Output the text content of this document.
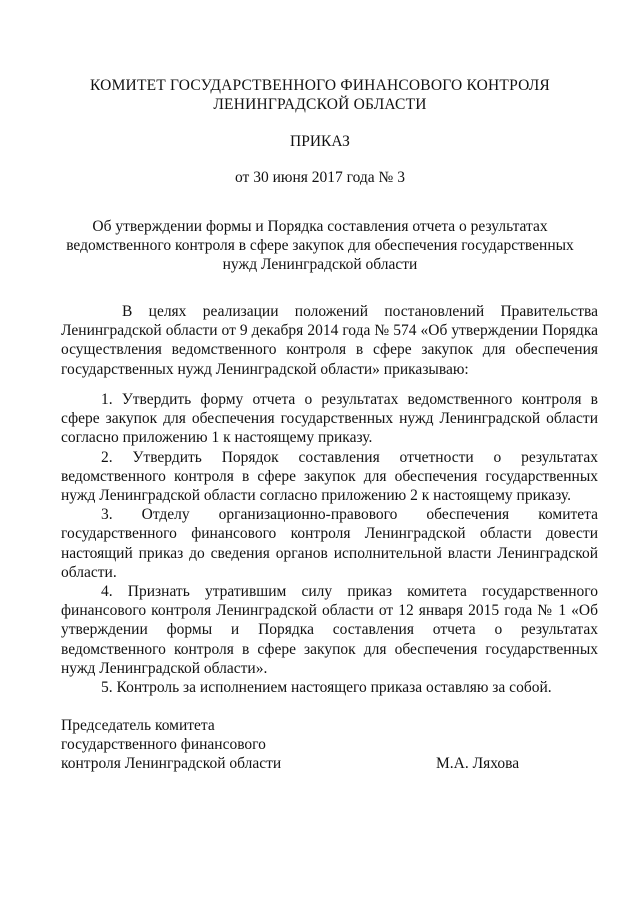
КОМИТЕТ ГОСУДАРСТВЕННОГО ФИНАНСОВОГО КОНТРОЛЯ
ЛЕНИНГРАДСКОЙ ОБЛАСТИ
ПРИКАЗ
от 30 июня 2017 года № 3
Об утверждении формы и Порядка составления отчета о результатах
ведомственного контроля в сфере закупок для обеспечения государственных
нужд Ленинградской области

В целях реализации положений постановлений Правительства Ленинградской области от 9 декабря 2014 года № 574 «Об утверждении Порядка осуществления ведомственного контроля в сфере закупок для обеспечения государственных нужд Ленинградской области» приказываю:

1. Утвердить форму отчета о результатах ведомственного контроля в сфере закупок для обеспечения государственных нужд Ленинградской области согласно приложению 1 к настоящему приказу.

2. Утвердить Порядок составления отчетности о результатах ведомственного контроля в сфере закупок для обеспечения государственных нужд Ленинградской области согласно приложению 2 к настоящему приказу.

3. Отделу организационно-правового обеспечения комитета государственного финансового контроля Ленинградской области довести настоящий приказ до сведения органов исполнительной власти Ленинградской области.

4. Признать утратившим силу приказ комитета государственного финансового контроля Ленинградской области от 12 января 2015 года № 1 «Об утверждении формы и Порядка составления отчета о результатах ведомственного контроля в сфере закупок для обеспечения государственных нужд Ленинградской области».

5. Контроль за исполнением настоящего приказа оставляю за собой.

Председатель комитета
государственного финансового
контроля Ленинградской области	М.А. Ляхова
